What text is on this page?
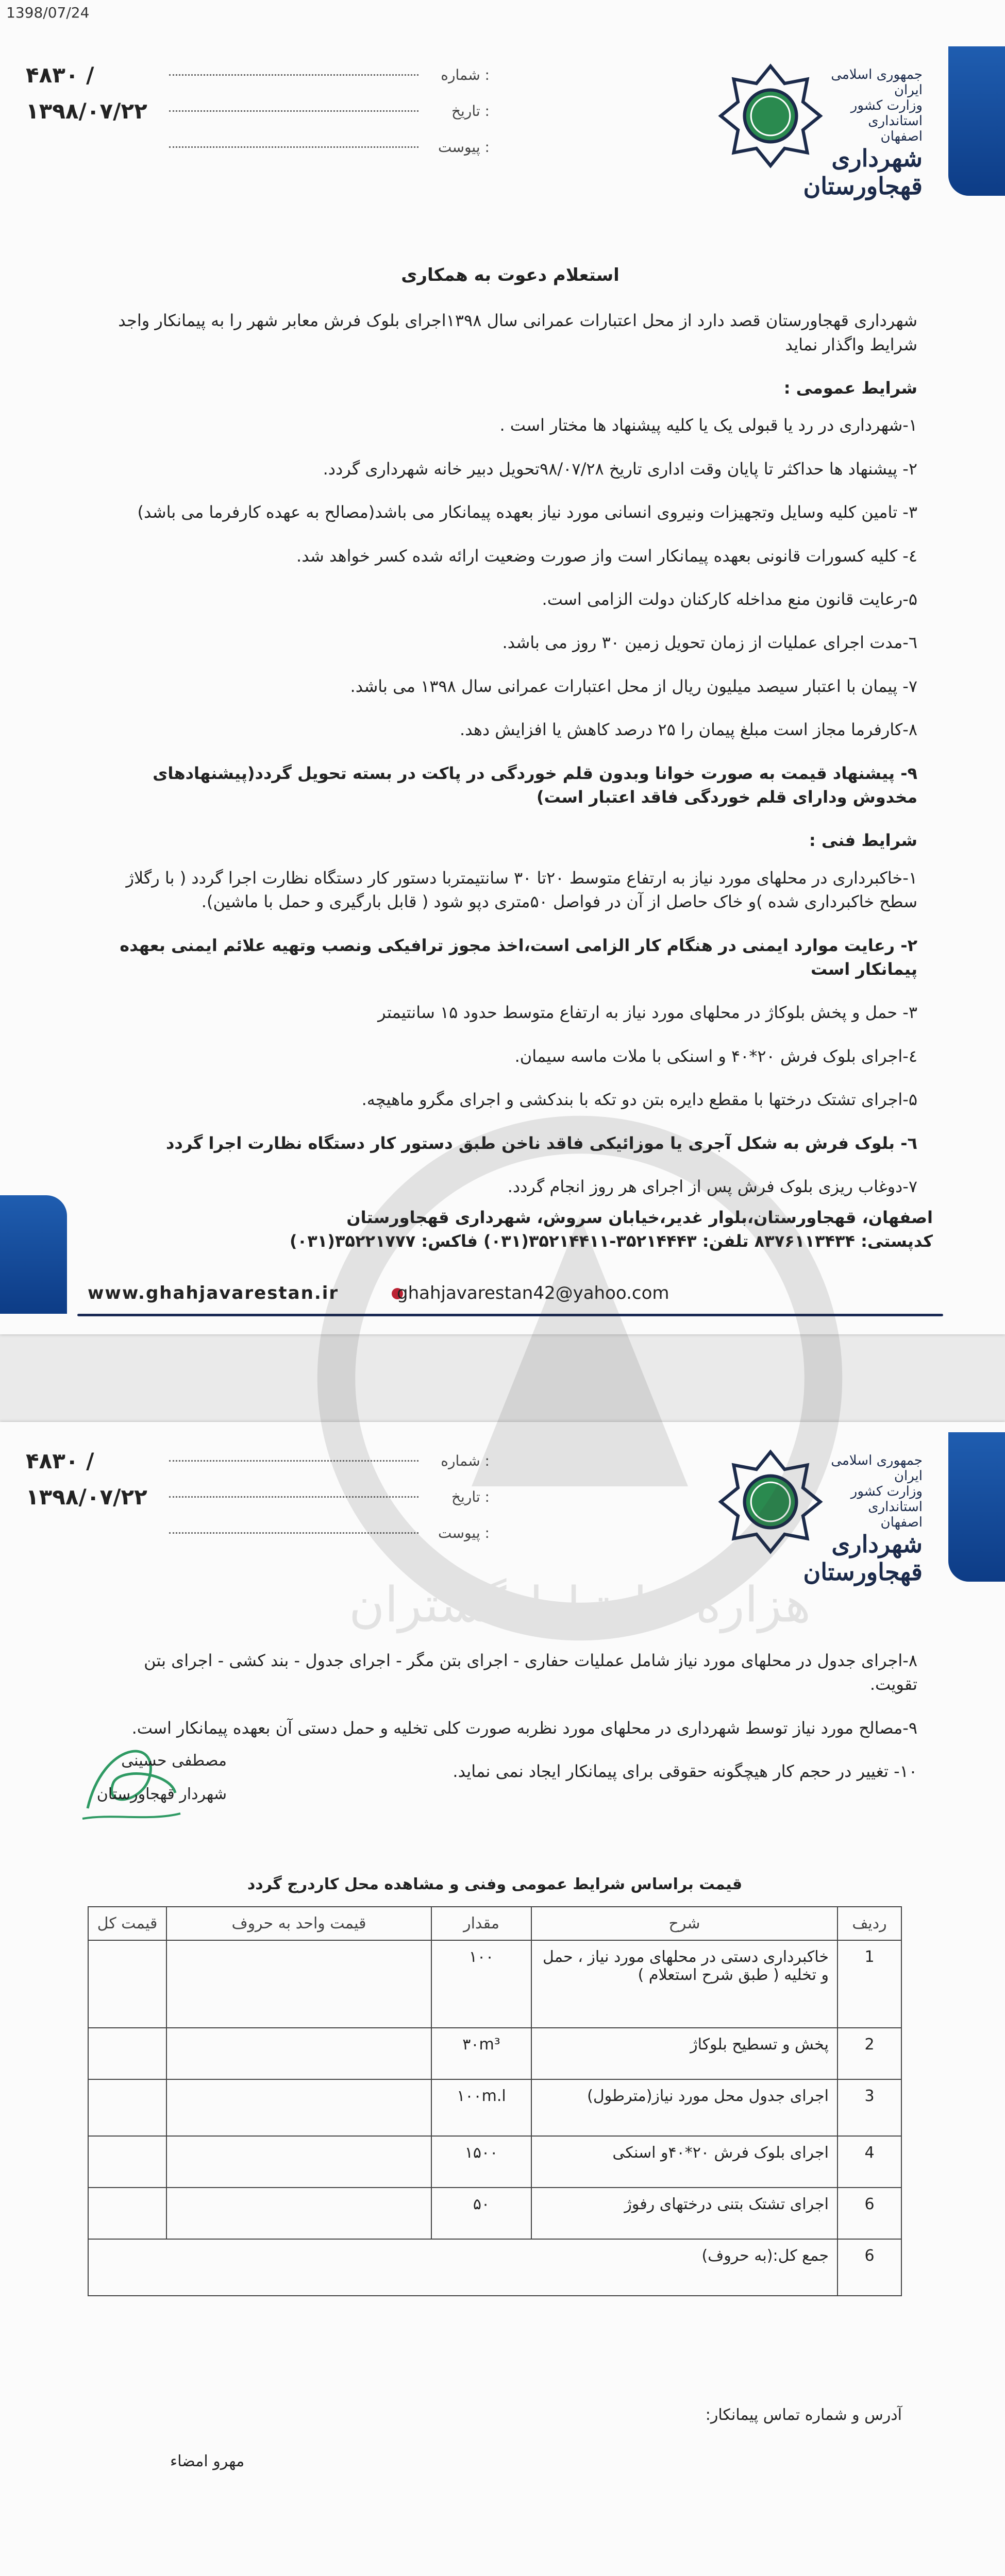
1398/07/24
جمهوری اسلامی ایران
وزارت کشور
استانداری اصفهان
شهرداری قهجاورستان
۴۸۳۰ /	شماره :
۱۳۹۸/۰۷/۲۲	تاریخ :
پیوست :

استعلام دعوت به همکاری

شهرداری قهجاورستان قصد دارد از محل اعتبارات عمرانی سال ۱۳۹۸اجرای بلوک فرش معابر شهر را به پیمانکار واجد شرایط واگذار نماید

شرایط عمومی :

۱-شهرداری در رد یا قبولی یک یا کلیه پیشنهاد ها مختار است .

۲- پیشنهاد ها حداکثر تا پایان وقت اداری تاریخ ۹۸/۰۷/۲۸تحویل دبیر خانه شهرداری گردد.

۳- تامین کلیه وسایل وتجهیزات ونیروی انسانی مورد نیاز بعهده پیمانکار می باشد(مصالح به عهده کارفرما می باشد)

٤- کلیه کسورات قانونی بعهده پیمانکار است واز صورت وضعیت ارائه شده کسر خواهد شد.

۵-رعایت قانون منع مداخله کارکنان دولت الزامی است.

٦-مدت اجرای عملیات از زمان تحویل زمین ۳۰ روز می باشد.

۷- پیمان با اعتبار سیصد میلیون ریال از محل اعتبارات عمرانی سال ۱۳۹۸ می باشد.

۸-کارفرما مجاز است مبلغ پیمان را ۲۵ درصد کاهش یا افزایش دهد.

۹- پیشنهاد قیمت به صورت خوانا وبدون قلم خوردگی در پاکت در بسته تحویل گردد(پیشنهادهای مخدوش ودارای قلم خوردگی فاقد اعتبار است)

شرایط فنی :

۱-خاکبرداری در محلهای مورد نیاز به ارتفاع متوسط ۲۰تا ۳۰ سانتیمتربا دستور کار دستگاه نظارت اجرا گردد ( با رگلاژ سطح خاکبرداری شده )و خاک حاصل از آن در فواصل ۵۰متری دپو شود ( قابل بارگیری و حمل با ماشین).

۲- رعایت موارد ایمنی در هنگام کار الزامی است،اخذ مجوز ترافیکی ونصب وتهیه علائم ایمنی بعهده پیمانکار است

۳- حمل و پخش بلوکاژ در محلهای مورد نیاز به ارتفاع متوسط حدود ۱۵ سانتیمتر

٤-اجرای بلوک فرش ۲۰*۴۰ و اسنکی با ملات ماسه سیمان.

۵-اجرای تشتک درختها با مقطع دایره بتن دو تکه با بندکشی و اجرای مگرو ماهیچه.

٦- بلوک فرش به شکل آجری یا موزائیکی فاقد ناخن طبق دستور کار دستگاه نظارت اجرا گردد

۷-دوغاب ریزی بلوک فرش پس از اجرای هر روز انجام گردد.

اصفهان، قهجاورستان،بلوار غدیر،خیابان سروش، شهرداری قهجاورستان
کدپستی: ۸۳۷۶۱۱۳۴۳۴ تلفن: ۳۵۲۱۴۴۴۳-۳۵۲۱۴۴۱۱(۰۳۱) فاکس: ۳۵۲۲۱۷۷۷(۰۳۱)
www.ghahjavarestan.ir	ghahjavarestan42@yahoo.com
جمهوری اسلامی ایران
وزارت کشور
استانداری اصفهان
شهرداری قهجاورستان
۴۸۳۰ /	شماره :
۱۳۹۸/۰۷/۲۲	تاریخ :
پیوست :

۸-اجرای جدول در محلهای مورد نیاز شامل عملیات حفاری - اجرای بتن مگر - اجرای جدول - بند کشی - اجرای بتن تقویت.

۹-مصالح مورد نیاز توسط شهرداری در محلهای مورد نظربه صورت کلی تخلیه و حمل دستی آن بعهده پیمانکار است.

۱۰- تغییر در حجم کار هیچگونه حقوقی برای پیمانکار ایجاد نمی نماید.

مصطفی حسینی
شهردار قهجاورستان
قیمت براساس شرایط عمومی وفنی و مشاهده محل کاردرج گردد
ردیف	شرح	مقدار	قیمت واحد به حروف	قیمت کل
1	خاکبرداری دستی در محلهای مورد نیاز ، حمل و تخلیه ( طبق شرح استعلام )	۱۰۰		
2	پخش و تسطیح بلوکاژ	۳۰m³		
3	اجرای جدول محل مورد نیاز(مترطول)	۱۰۰m.l		
4	اجرای بلوک فرش ۲۰*۴۰و اسنکی	۱۵۰۰		
6	اجرای تشتک بتنی درختهای رفوژ	۵۰		
6	جمع کل:(به حروف)			
آدرس و شماره تماس پیمانکار:
مهرو امضاء
